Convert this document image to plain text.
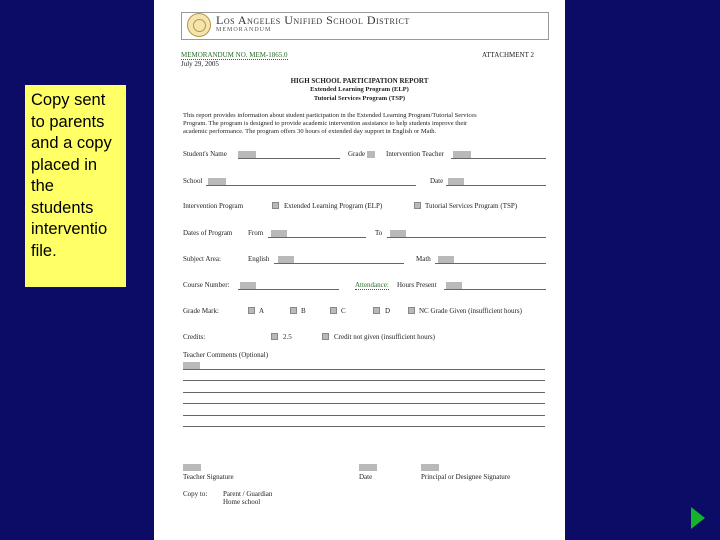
Copy sent
to parents
and a copy
placed in
the
students
interventio
file.
Los Angeles Unified School District
MEMORANDUM
MEMORANDUM NO. MEM-1865.0	ATTACHMENT 2
July 29, 2005
HIGH SCHOOL PARTICIPATION REPORT
Extended Learning Program (ELP)
Tutorial Services Program (TSP)
This report provides information about student participation in the Extended Learning Program/Tutorial Services
Program. The program is designed to provide academic intervention assistance to help students improve their
academic performance. The program offers 30 hours of extended day support in English or Math.
Student's Name	Grade	Intervention Teacher
School	Date
Intervention Program	Extended Learning Program (ELP)	Tutorial Services Program (TSP)
Dates of Program From	To
Subject Area:	English	Math
Course Number:	Attendance: Hours Present
Grade Mark:	A	B	C	D	NC Grade Given (insufficient hours)
Credits:	2.5	Credit not given (insufficient hours)
Teacher Comments (Optional)
Teacher Signature	Date	Principal or Designee Signature
Copy to: Parent / Guardian
Home school
